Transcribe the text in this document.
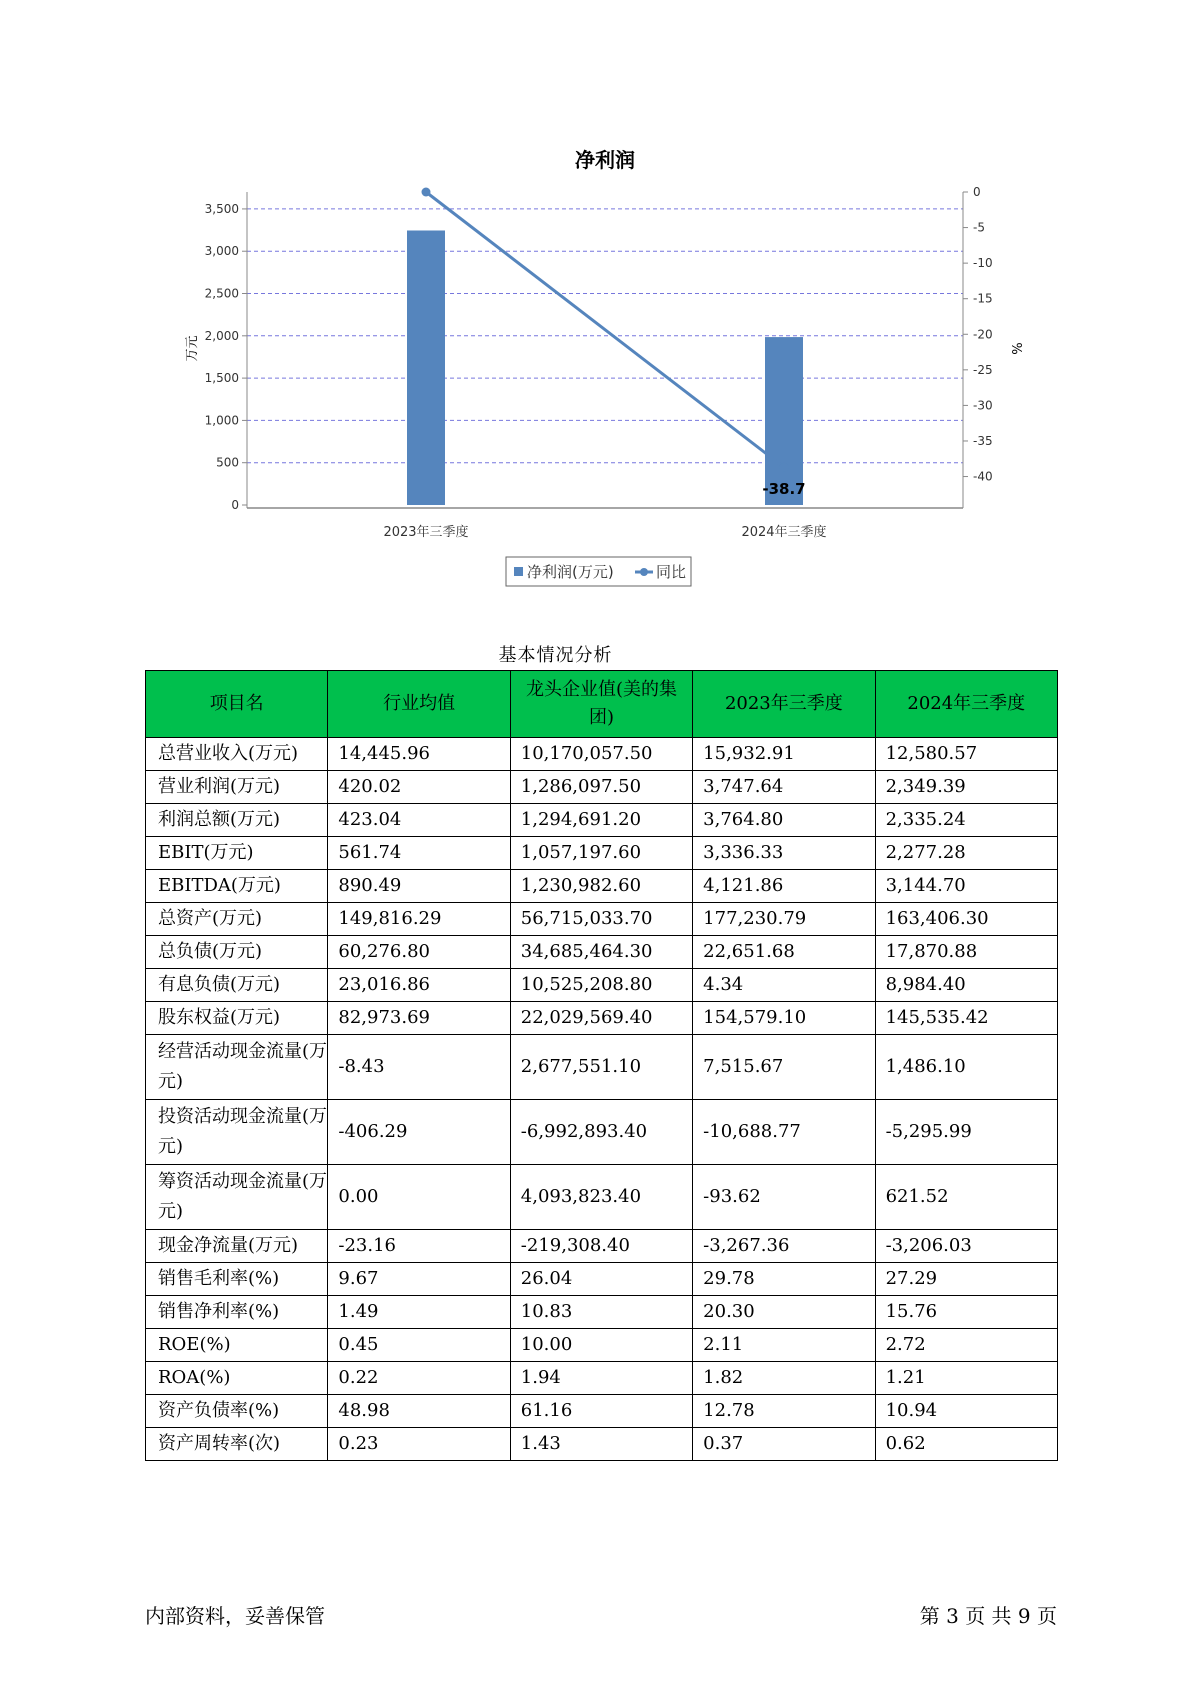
净利润
0
500
1,000
1,500
2,000
2,500
3,000
3,500
0
-5
-10
-15
-20
-25
-30
-35
-40
万元	%
2023年三季度	2024年三季度
-38.7
净利润(万元)	同比
基本情况分析
项目名	行业均值	龙头企业值(美的集团)	2023年三季度	2024年三季度
总营业收入(万元)	14,445.96	10,170,057.50	15,932.91	12,580.57
营业利润(万元)	420.02	1,286,097.50	3,747.64	2,349.39
利润总额(万元)	423.04	1,294,691.20	3,764.80	2,335.24
EBIT(万元)	561.74	1,057,197.60	3,336.33	2,277.28
EBITDA(万元)	890.49	1,230,982.60	4,121.86	3,144.70
总资产(万元)	149,816.29	56,715,033.70	177,230.79	163,406.30
总负债(万元)	60,276.80	34,685,464.30	22,651.68	17,870.88
有息负债(万元)	23,016.86	10,525,208.80	4.34	8,984.40
股东权益(万元)	82,973.69	22,029,569.40	154,579.10	145,535.42
经营活动现金流量(万元)	-8.43	2,677,551.10	7,515.67	1,486.10
投资活动现金流量(万元)	-406.29	-6,992,893.40	-10,688.77	-5,295.99
筹资活动现金流量(万元)	0.00	4,093,823.40	-93.62	621.52
现金净流量(万元)	-23.16	-219,308.40	-3,267.36	-3,206.03
销售毛利率(%)	9.67	26.04	29.78	27.29
销售净利率(%)	1.49	10.83	20.30	15.76
ROE(%)	0.45	10.00	2.11	2.72
ROA(%)	0.22	1.94	1.82	1.21
资产负债率(%)	48.98	61.16	12.78	10.94
资产周转率(次)	0.23	1.43	0.37	0.62
内部资料，妥善保管	第 3 页 共 9 页
